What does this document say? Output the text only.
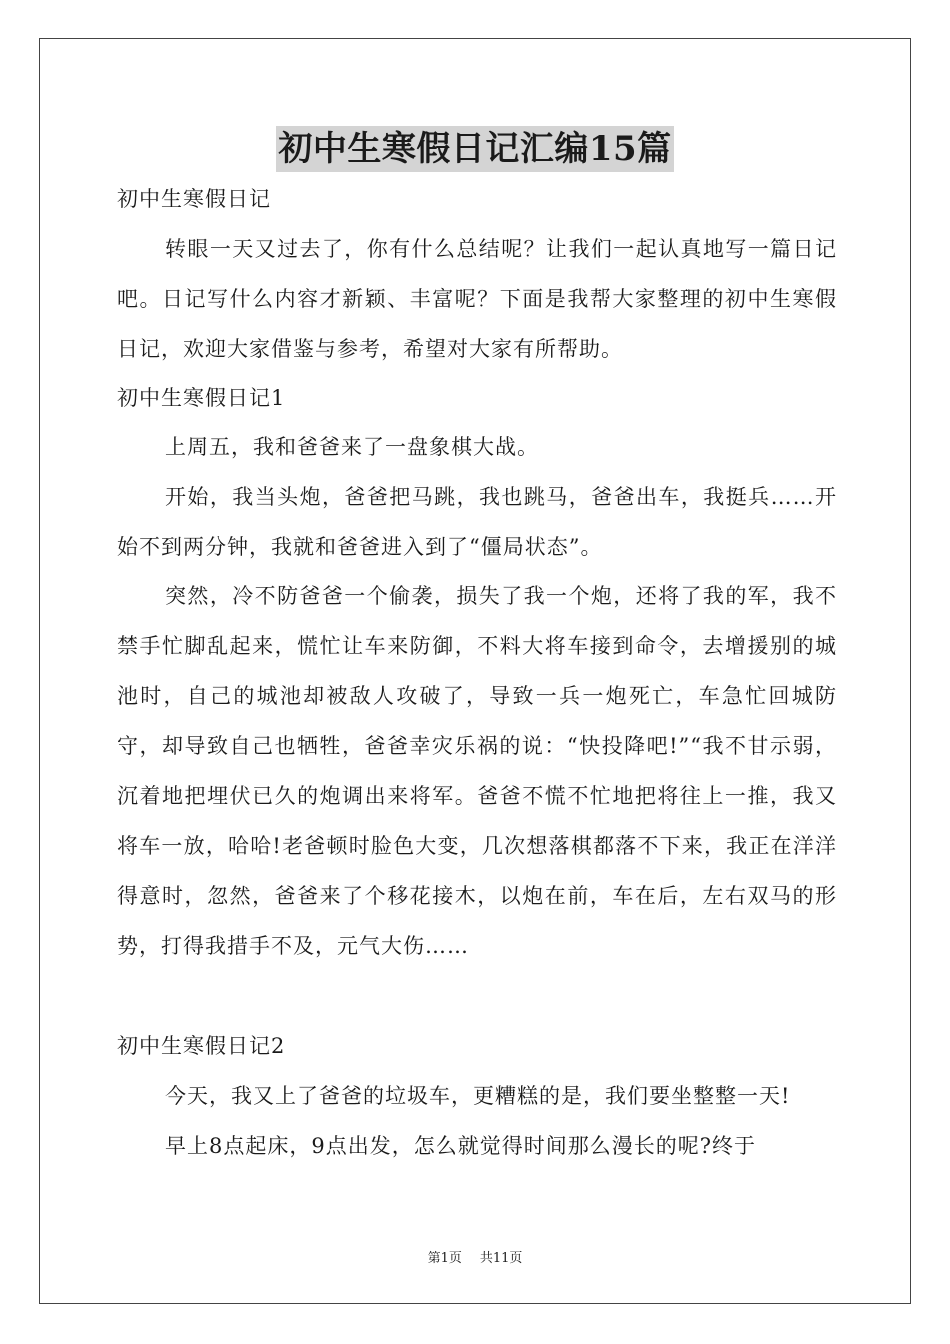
初中生寒假日记汇编15篇
初中生寒假日记
转眼一天又过去了，你有什么总结呢？让我们一起认真地写一篇日记吧。日记写什么内容才新颖、丰富呢？下面是我帮大家整理的初中生寒假日记，欢迎大家借鉴与参考，希望对大家有所帮助。
初中生寒假日记1
上周五，我和爸爸来了一盘象棋大战。
开始，我当头炮，爸爸把马跳，我也跳马，爸爸出车，我挺兵……开始不到两分钟，我就和爸爸进入到了“僵局状态”。
突然，冷不防爸爸一个偷袭，损失了我一个炮，还将了我的军，我不禁手忙脚乱起来，慌忙让车来防御，不料大将车接到命令，去增援别的城池时，自己的城池却被敌人攻破了，导致一兵一炮死亡，车急忙回城防守，却导致自己也牺牲，爸爸幸灾乐祸的说：“快投降吧!”“我不甘示弱，沉着地把埋伏已久的炮调出来将军。爸爸不慌不忙地把将往上一推，我又将车一放，哈哈!老爸顿时脸色大变，几次想落棋都落不下来，我正在洋洋得意时，忽然，爸爸来了个移花接木，以炮在前，车在后，左右双马的形势，打得我措手不及，元气大伤……
初中生寒假日记2
今天，我又上了爸爸的垃圾车，更糟糕的是，我们要坐整整一天!
早上8点起床，9点出发，怎么就觉得时间那么漫长的呢?终于
第1页 共11页
